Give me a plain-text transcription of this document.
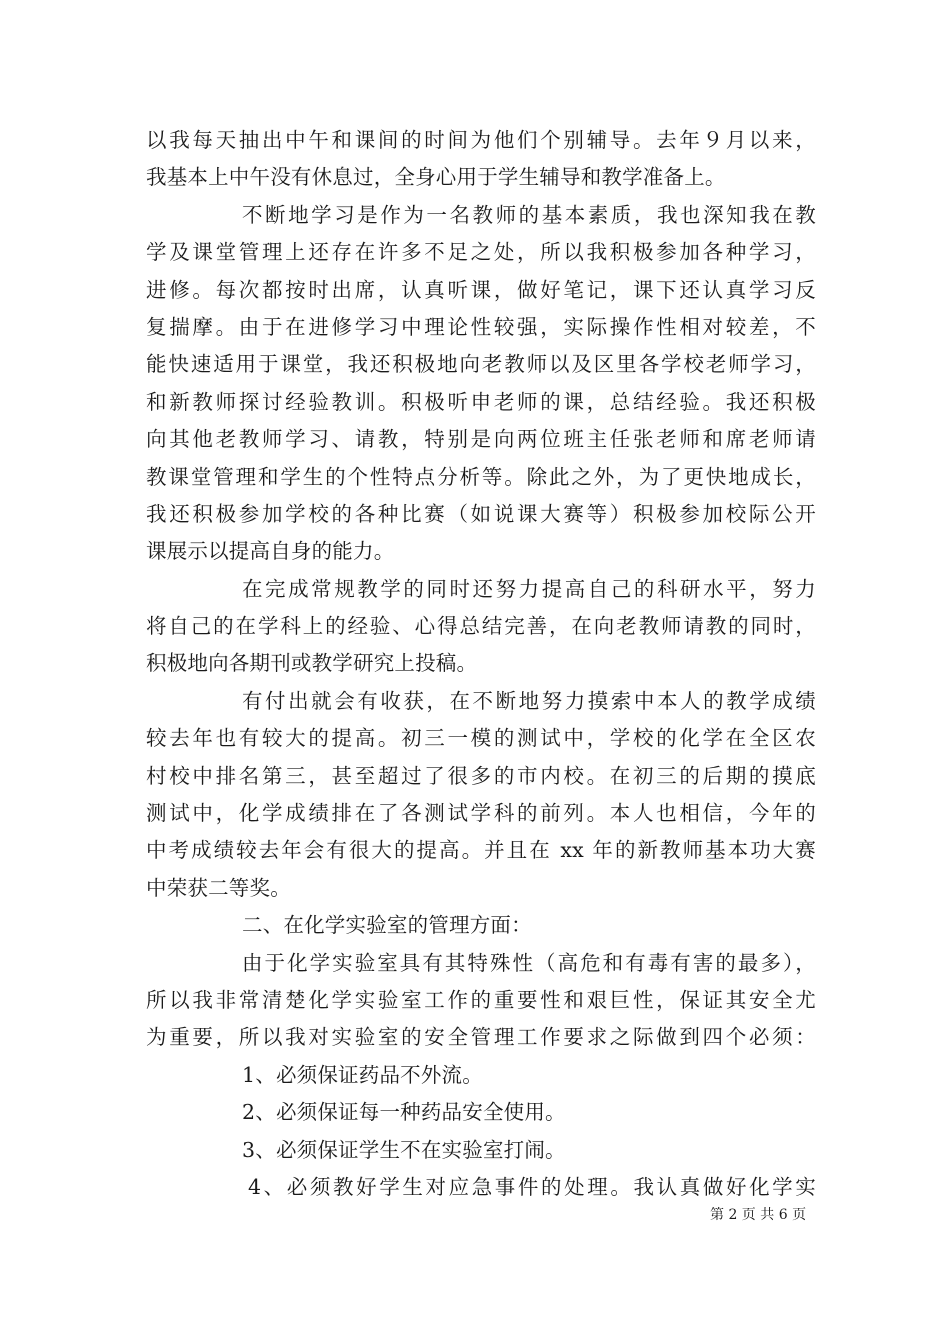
以我每天抽出中午和课间的时间为他们个别辅导。去年９月以来，
我基本上中午没有休息过，全身心用于学生辅导和教学准备上。
不断地学习是作为一名教师的基本素质，我也深知我在教
学及课堂管理上还存在许多不足之处，所以我积极参加各种学习，
进修。每次都按时出席，认真听课，做好笔记，课下还认真学习反
复揣摩。由于在进修学习中理论性较强，实际操作性相对较差，不
能快速适用于课堂，我还积极地向老教师以及区里各学校老师学习，
和新教师探讨经验教训。积极听申老师的课，总结经验。我还积极
向其他老教师学习、请教，特别是向两位班主任张老师和席老师请
教课堂管理和学生的个性特点分析等。除此之外，为了更快地成长，
我还积极参加学校的各种比赛（如说课大赛等）积极参加校际公开
课展示以提高自身的能力。
在完成常规教学的同时还努力提高自己的科研水平，努力
将自己的在学科上的经验、心得总结完善，在向老教师请教的同时，
积极地向各期刊或教学研究上投稿。
有付出就会有收获，在不断地努力摸索中本人的教学成绩
较去年也有较大的提高。初三一模的测试中，学校的化学在全区农
村校中排名第三，甚至超过了很多的市内校。在初三的后期的摸底
测试中，化学成绩排在了各测试学科的前列。本人也相信，今年的
中考成绩较去年会有很大的提高。并且在 xx 年的新教师基本功大赛
中荣获二等奖。
二、在化学实验室的管理方面：
由于化学实验室具有其特殊性（高危和有毒有害的最多），
所以我非常清楚化学实验室工作的重要性和艰巨性，保证其安全尤
为重要，所以我对实验室的安全管理工作要求之际做到四个必须：
1、必须保证药品不外流。
2、必须保证每一种药品安全使用。
3、必须保证学生不在实验室打闹。
4、必须教好学生对应急事件的处理。我认真做好化学实
第 2 页 共 6 页
